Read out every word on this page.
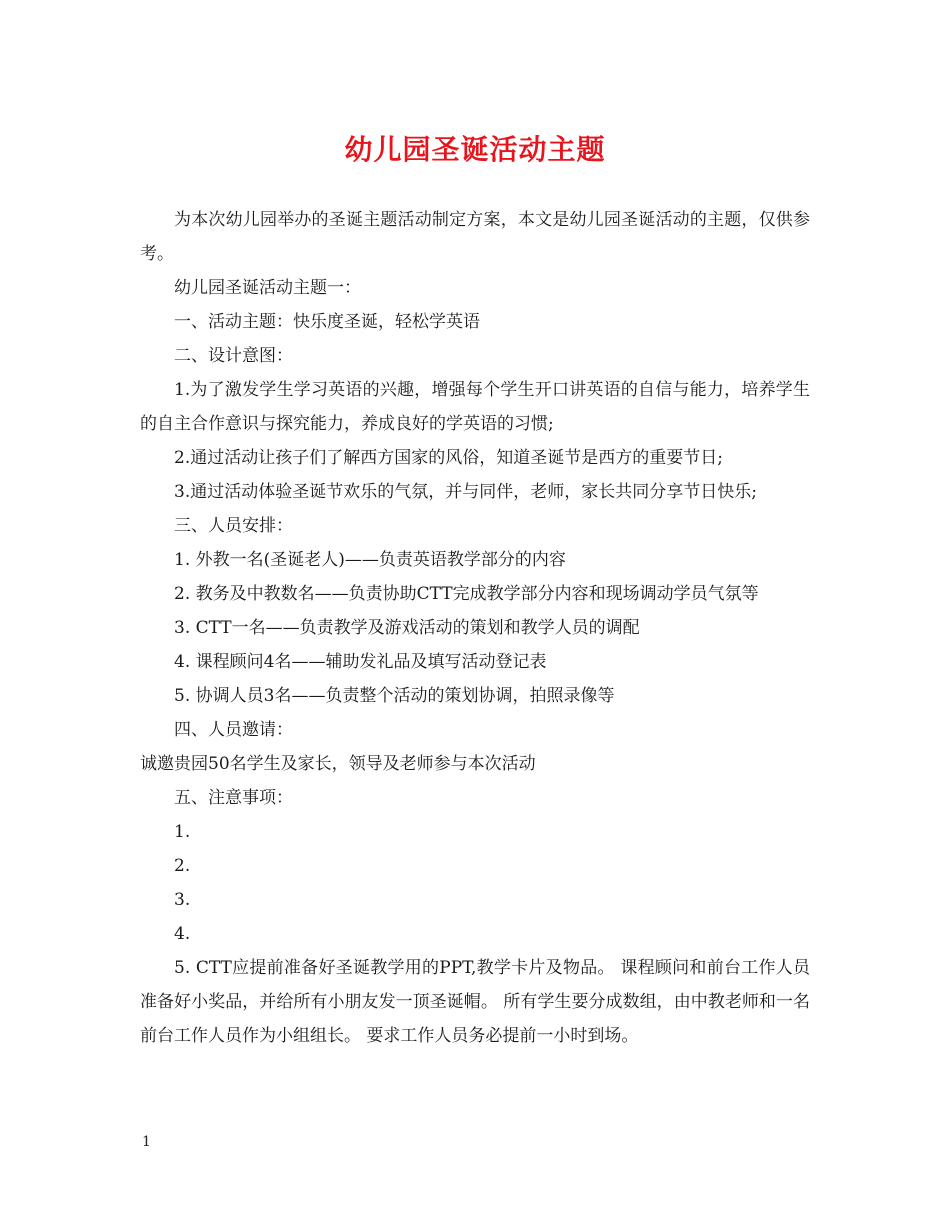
幼儿园圣诞活动主题

为本次幼儿园举办的圣诞主题活动制定方案，本文是幼儿园圣诞活动的主题，仅供参考。

幼儿园圣诞活动主题一：

一、活动主题：快乐度圣诞，轻松学英语

二、设计意图：

1.为了激发学生学习英语的兴趣，增强每个学生开口讲英语的自信与能力，培养学生的自主合作意识与探究能力，养成良好的学英语的习惯;

2.通过活动让孩子们了解西方国家的风俗，知道圣诞节是西方的重要节日;

3.通过活动体验圣诞节欢乐的气氛，并与同伴，老师，家长共同分享节日快乐;

三、人员安排：

1. 外教一名(圣诞老人)——负责英语教学部分的内容

2. 教务及中教数名——负责协助CTT完成教学部分内容和现场调动学员气氛等

3. CTT一名——负责教学及游戏活动的策划和教学人员的调配

4. 课程顾问4名——辅助发礼品及填写活动登记表

5. 协调人员3名——负责整个活动的策划协调，拍照录像等

四、人员邀请：

诚邀贵园50名学生及家长，领导及老师参与本次活动

五、注意事项：

1.

2.

3.

4.

5. CTT应提前准备好圣诞教学用的PPT,教学卡片及物品。 课程顾问和前台工作人员准备好小奖品，并给所有小朋友发一顶圣诞帽。 所有学生要分成数组，由中教老师和一名前台工作人员作为小组组长。 要求工作人员务必提前一小时到场。

1
